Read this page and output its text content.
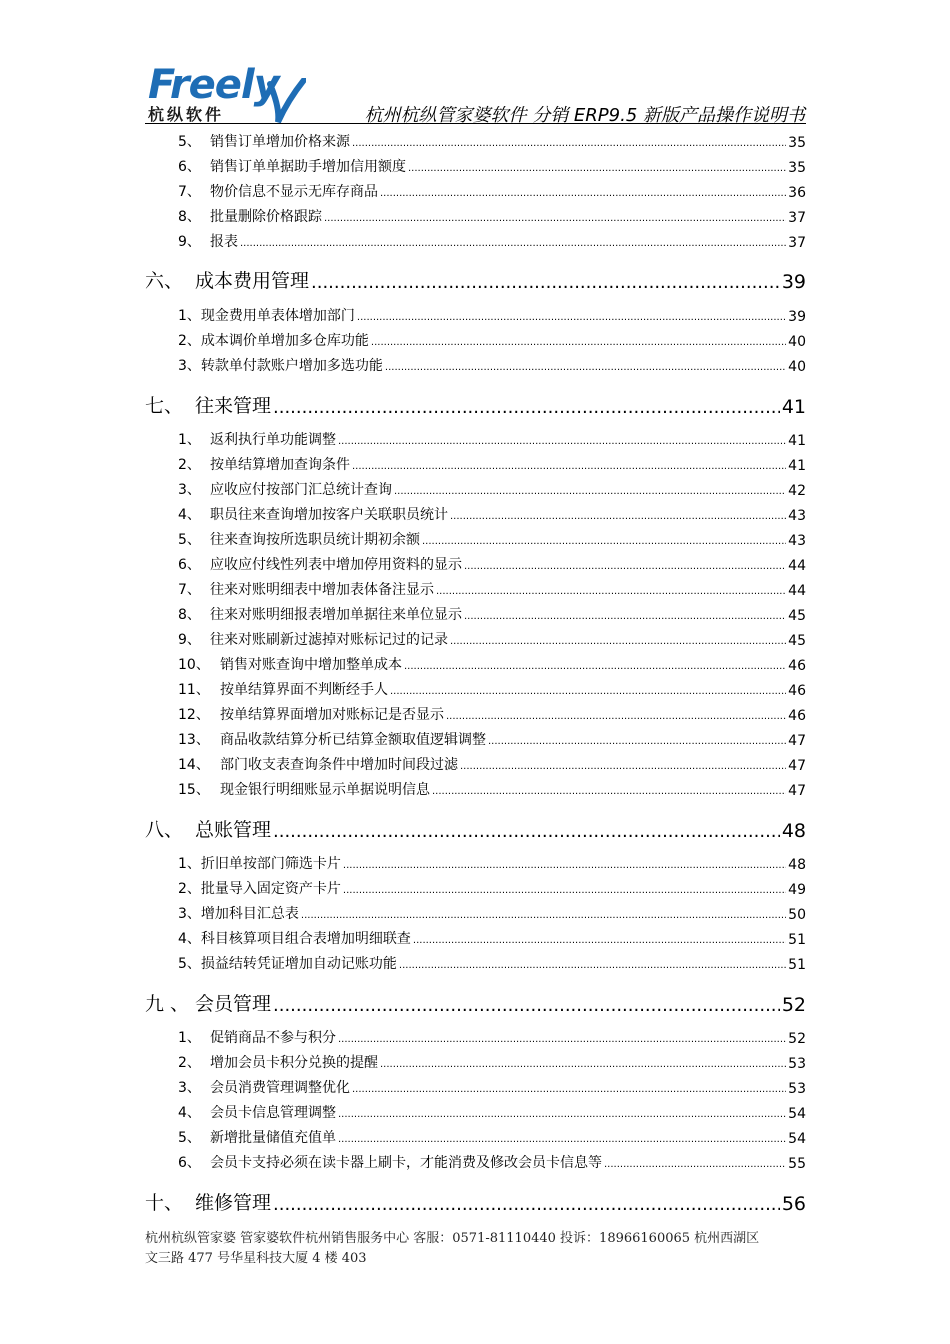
Freely
杭纵软件	杭州杭纵管家婆软件 分销 ERP9.5 新版产品操作说明书
5、 销售订单增加价格来源 .....	35
6、 销售订单单据助手增加信用额度 .....	35
7、 物价信息不显示无库存商品 .....	36
8、 批量删除价格跟踪 .....	37
9、 报表 .....	37
六、 成本费用管理 .....	39
1、现金费用单表体增加部门 .....	39
2、成本调价单增加多仓库功能 .....	40
3、转款单付款账户增加多选功能 .....	40
七、 往来管理 .....	41
1、 返利执行单功能调整 .....	41
2、 按单结算增加查询条件 .....	41
3、 应收应付按部门汇总统计查询 .....	42
4、 职员往来查询增加按客户关联职员统计 .....	43
5、 往来查询按所选职员统计期初余额 .....	43
6、 应收应付线性列表中增加停用资料的显示 .....	44
7、 往来对账明细表中增加表体备注显示 .....	44
8、 往来对账明细报表增加单据往来单位显示 .....	45
9、 往来对账刷新过滤掉对账标记过的记录 .....	45
10、 销售对账查询中增加整单成本 .....	46
11、 按单结算界面不判断经手人 .....	46
12、 按单结算界面增加对账标记是否显示 .....	46
13、 商品收款结算分析已结算金额取值逻辑调整 .....	47
14、 部门收支表查询条件中增加时间段过滤 .....	47
15、 现金银行明细账显示单据说明信息 .....	47
八、 总账管理 .....	48
1、折旧单按部门筛选卡片 .....	48
2、批量导入固定资产卡片 .....	49
3、增加科目汇总表 .....	50
4、科目核算项目组合表增加明细联查 .....	51
5、损益结转凭证增加自动记账功能 .....	51
九 、 会员管理 .....	52
1、 促销商品不参与积分 .....	52
2、 增加会员卡积分兑换的提醒 .....	53
3、 会员消费管理调整优化 .....	53
4、 会员卡信息管理调整 .....	54
5、 新增批量储值充值单 .....	54
6、 会员卡支持必须在读卡器上刷卡，才能消费及修改会员卡信息等 .....	55
十、 维修管理 .....	56
杭州杭纵管家婆 管家婆软件杭州销售服务中心 客服：0571-81110440 投诉：18966160065 杭州西湖区
文三路 477 号华星科技大厦 4 楼 403
